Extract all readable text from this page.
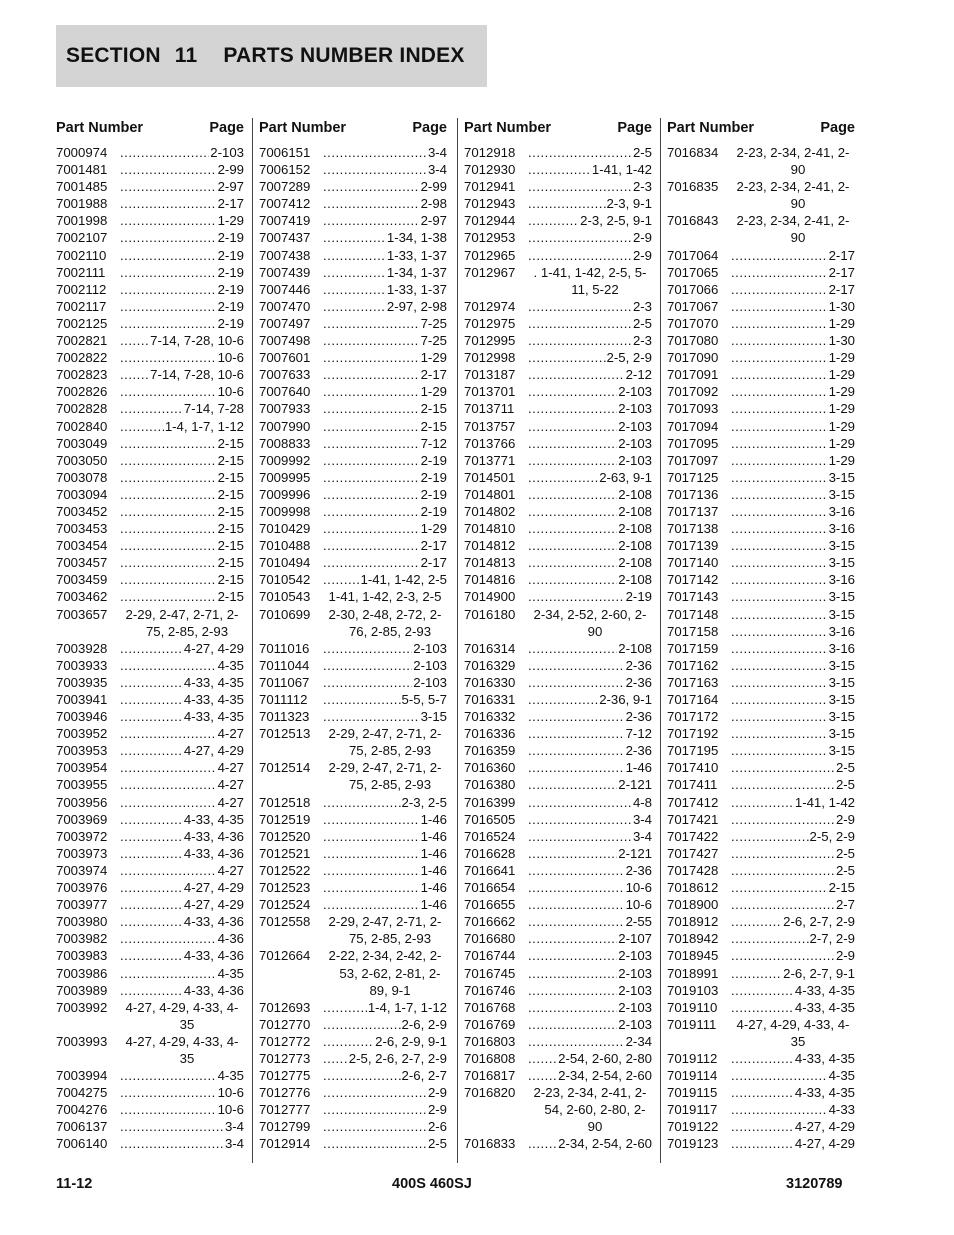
SECTION 11 PARTS NUMBER INDEX
Part Number	Page
7000974 .....	2-103
7001481 .....	2-99
7001485 .....	2-97
7001988 .....	2-17
7001998 .....	1-29
7002107 .....	2-19
7002110 .....	2-19
7002111 .....	2-19
7002112 .....	2-19
7002117 .....	2-19
7002125 .....	2-19
7002821 .....	7-14, 7-28, 10-6
7002822 .....	10-6
7002823 .....	7-14, 7-28, 10-6
7002826 .....	10-6
7002828 .....	7-14, 7-28
7002840 .....	1-4, 1-7, 1-12
7003049 .....	2-15
7003050 .....	2-15
7003078 .....	2-15
7003094 .....	2-15
7003452 .....	2-15
7003453 .....	2-15
7003454 .....	2-15
7003457 .....	2-15
7003459 .....	2-15
7003462 .....	2-15
7003657	2-29, 2-47, 2-71, 2-75, 2-85, 2-93
7003928 .....	4-27, 4-29
7003933 .....	4-35
7003935 .....	4-33, 4-35
7003941 .....	4-33, 4-35
7003946 .....	4-33, 4-35
7003952 .....	4-27
7003953 .....	4-27, 4-29
7003954 .....	4-27
7003955 .....	4-27
7003956 .....	4-27
7003969 .....	4-33, 4-35
7003972 .....	4-33, 4-36
7003973 .....	4-33, 4-36
7003974 .....	4-27
7003976 .....	4-27, 4-29
7003977 .....	4-27, 4-29
7003980 .....	4-33, 4-36
7003982 .....	4-36
7003983 .....	4-33, 4-36
7003986 .....	4-35
7003989 .....	4-33, 4-36
7003992	4-27, 4-29, 4-33, 4-35
7003993	4-27, 4-29, 4-33, 4-35
7003994 .....	4-35
7004275 .....	10-6
7004276 .....	10-6
7006137 .....	3-4
7006140 .....	3-4
Part Number	Page
7006151 .....	3-4
7006152 .....	3-4
7007289 .....	2-99
7007412 .....	2-98
7007419 .....	2-97
7007437 .....	1-34, 1-38
7007438 .....	1-33, 1-37
7007439 .....	1-34, 1-37
7007446 .....	1-33, 1-37
7007470 .....	2-97, 2-98
7007497 .....	7-25
7007498 .....	7-25
7007601 .....	1-29
7007633 .....	2-17
7007640 .....	1-29
7007933 .....	2-15
7007990 .....	2-15
7008833 .....	7-12
7009992 .....	2-19
7009995 .....	2-19
7009996 .....	2-19
7009998 .....	2-19
7010429 .....	1-29
7010488 .....	2-17
7010494 .....	2-17
7010542 .....	1-41, 1-42, 2-5
7010543	1-41, 1-42, 2-3, 2-5
7010699	2-30, 2-48, 2-72, 2-76, 2-85, 2-93
7011016 .....	2-103
7011044 .....	2-103
7011067 .....	2-103
7011112 .....	5-5, 5-7
7011323 .....	3-15
7012513	2-29, 2-47, 2-71, 2-75, 2-85, 2-93
7012514	2-29, 2-47, 2-71, 2-75, 2-85, 2-93
7012518 .....	2-3, 2-5
7012519 .....	1-46
7012520 .....	1-46
7012521 .....	1-46
7012522 .....	1-46
7012523 .....	1-46
7012524 .....	1-46
7012558	2-29, 2-47, 2-71, 2-75, 2-85, 2-93
7012664	2-22, 2-34, 2-42, 2-53, 2-62, 2-81, 2-89, 9-1
7012693 .....	1-4, 1-7, 1-12
7012770 .....	2-6, 2-9
7012772 .....	2-6, 2-9, 9-1
7012773 .....	2-5, 2-6, 2-7, 2-9
7012775 .....	2-6, 2-7
7012776 .....	2-9
7012777 .....	2-9
7012799 .....	2-6
7012914 .....	2-5
Part Number	Page
7012918 .....	2-5
7012930 .....	1-41, 1-42
7012941 .....	2-3
7012943 .....	2-3, 9-1
7012944 .....	2-3, 2-5, 9-1
7012953 .....	2-9
7012965 .....	2-9
7012967	. 1-41, 1-42, 2-5, 5-11, 5-22
7012974 .....	2-3
7012975 .....	2-5
7012995 .....	2-3
7012998 .....	2-5, 2-9
7013187 .....	2-12
7013701 .....	2-103
7013711 .....	2-103
7013757 .....	2-103
7013766 .....	2-103
7013771 .....	2-103
7014501 .....	2-63, 9-1
7014801 .....	2-108
7014802 .....	2-108
7014810 .....	2-108
7014812 .....	2-108
7014813 .....	2-108
7014816 .....	2-108
7014900 .....	2-19
7016180	2-34, 2-52, 2-60, 2-90
7016314 .....	2-108
7016329 .....	2-36
7016330 .....	2-36
7016331 .....	2-36, 9-1
7016332 .....	2-36
7016336 .....	7-12
7016359 .....	2-36
7016360 .....	1-46
7016380 .....	2-121
7016399 .....	4-8
7016505 .....	3-4
7016524 .....	3-4
7016628 .....	2-121
7016641 .....	2-36
7016654 .....	10-6
7016655 .....	10-6
7016662 .....	2-55
7016680 .....	2-107
7016744 .....	2-103
7016745 .....	2-103
7016746 .....	2-103
7016768 .....	2-103
7016769 .....	2-103
7016803 .....	2-34
7016808 .....	2-54, 2-60, 2-80
7016817 .....	2-34, 2-54, 2-60
7016820	2-23, 2-34, 2-41, 2-54, 2-60, 2-80, 2-90
7016833 .....	2-34, 2-54, 2-60
Part Number	Page
7016834	2-23, 2-34, 2-41, 2-90
7016835	2-23, 2-34, 2-41, 2-90
7016843	2-23, 2-34, 2-41, 2-90
7017064 .....	2-17
7017065 .....	2-17
7017066 .....	2-17
7017067 .....	1-30
7017070 .....	1-29
7017080 .....	1-30
7017090 .....	1-29
7017091 .....	1-29
7017092 .....	1-29
7017093 .....	1-29
7017094 .....	1-29
7017095 .....	1-29
7017097 .....	1-29
7017125 .....	3-15
7017136 .....	3-15
7017137 .....	3-16
7017138 .....	3-16
7017139 .....	3-15
7017140 .....	3-15
7017142 .....	3-16
7017143 .....	3-15
7017148 .....	3-15
7017158 .....	3-16
7017159 .....	3-16
7017162 .....	3-15
7017163 .....	3-15
7017164 .....	3-15
7017172 .....	3-15
7017192 .....	3-15
7017195 .....	3-15
7017410 .....	2-5
7017411 .....	2-5
7017412 .....	1-41, 1-42
7017421 .....	2-9
7017422 .....	2-5, 2-9
7017427 .....	2-5
7017428 .....	2-5
7018612 .....	2-15
7018900 .....	2-7
7018912 .....	2-6, 2-7, 2-9
7018942 .....	2-7, 2-9
7018945 .....	2-9
7018991 .....	2-6, 2-7, 9-1
7019103 .....	4-33, 4-35
7019110 .....	4-33, 4-35
7019111	4-27, 4-29, 4-33, 4-35
7019112 .....	4-33, 4-35
7019114 .....	4-35
7019115 .....	4-33, 4-35
7019117 .....	4-33
7019122 .....	4-27, 4-29
7019123 .....	4-27, 4-29
11-12	400S 460SJ	3120789
